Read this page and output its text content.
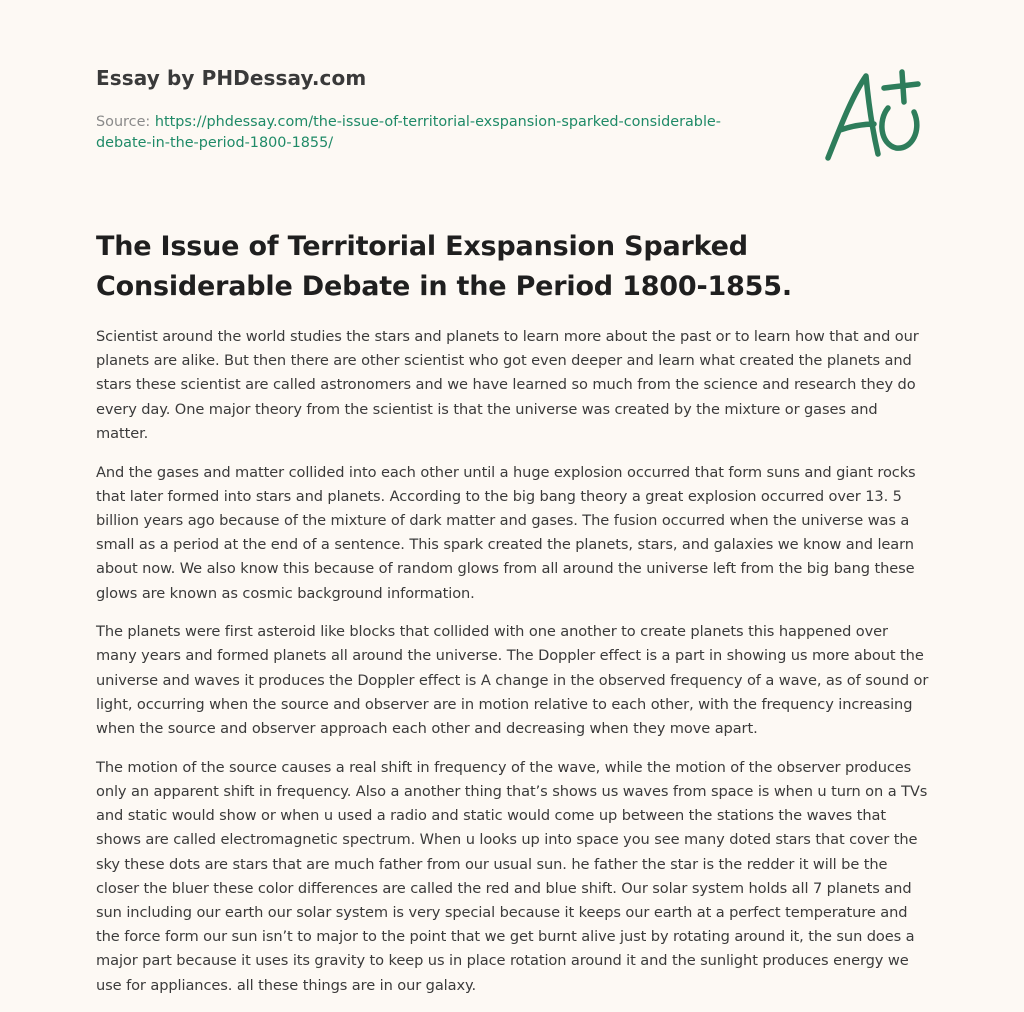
Essay by PHDessay.com
Source: https://phdessay.com/the-issue-of-territorial-exspansion-sparked-considerable-debate-in-the-period-1800-1855/
The Issue of Territorial Exspansion Sparked Considerable Debate in the Period 1800-1855.

Scientist around the world studies the stars and planets to learn more about the past or to learn how that and our planets are alike. But then there are other scientist who got even deeper and learn what created the planets and stars these scientist are called astronomers and we have learned so much from the science and research they do every day. One major theory from the scientist is that the universe was created by the mixture or gases and matter.

And the gases and matter collided into each other until a huge explosion occurred that form suns and giant rocks that later formed into stars and planets. According to the big bang theory a great explosion occurred over 13. 5 billion years ago because of the mixture of dark matter and gases. The fusion occurred when the universe was a small as a period at the end of a sentence. This spark created the planets, stars, and galaxies we know and learn about now. We also know this because of random glows from all around the universe left from the big bang these glows are known as cosmic background information.

The planets were first asteroid like blocks that collided with one another to create planets this happened over many years and formed planets all around the universe. The Doppler effect is a part in showing us more about the universe and waves it produces the Doppler effect is A change in the observed frequency of a wave, as of sound or light, occurring when the source and observer are in motion relative to each other, with the frequency increasing when the source and observer approach each other and decreasing when they move apart.

The motion of the source causes a real shift in frequency of the wave, while the motion of the observer produces only an apparent shift in frequency. Also a another thing that’s shows us waves from space is when u turn on a TVs and static would show or when u used a radio and static would come up between the stations the waves that shows are called electromagnetic spectrum. When u looks up into space you see many doted stars that cover the sky these dots are stars that are much father from our usual sun. he father the star is the redder it will be the closer the bluer these color differences are called the red and blue shift. Our solar system holds all 7 planets and sun including our earth our solar system is very special because it keeps our earth at a perfect temperature and the force form our sun isn’t to major to the point that we get burnt alive just by rotating around it, the sun does a major part because it uses its gravity to keep us in place rotation around it and the sunlight produces energy we use for appliances. all these things are in our galaxy.
